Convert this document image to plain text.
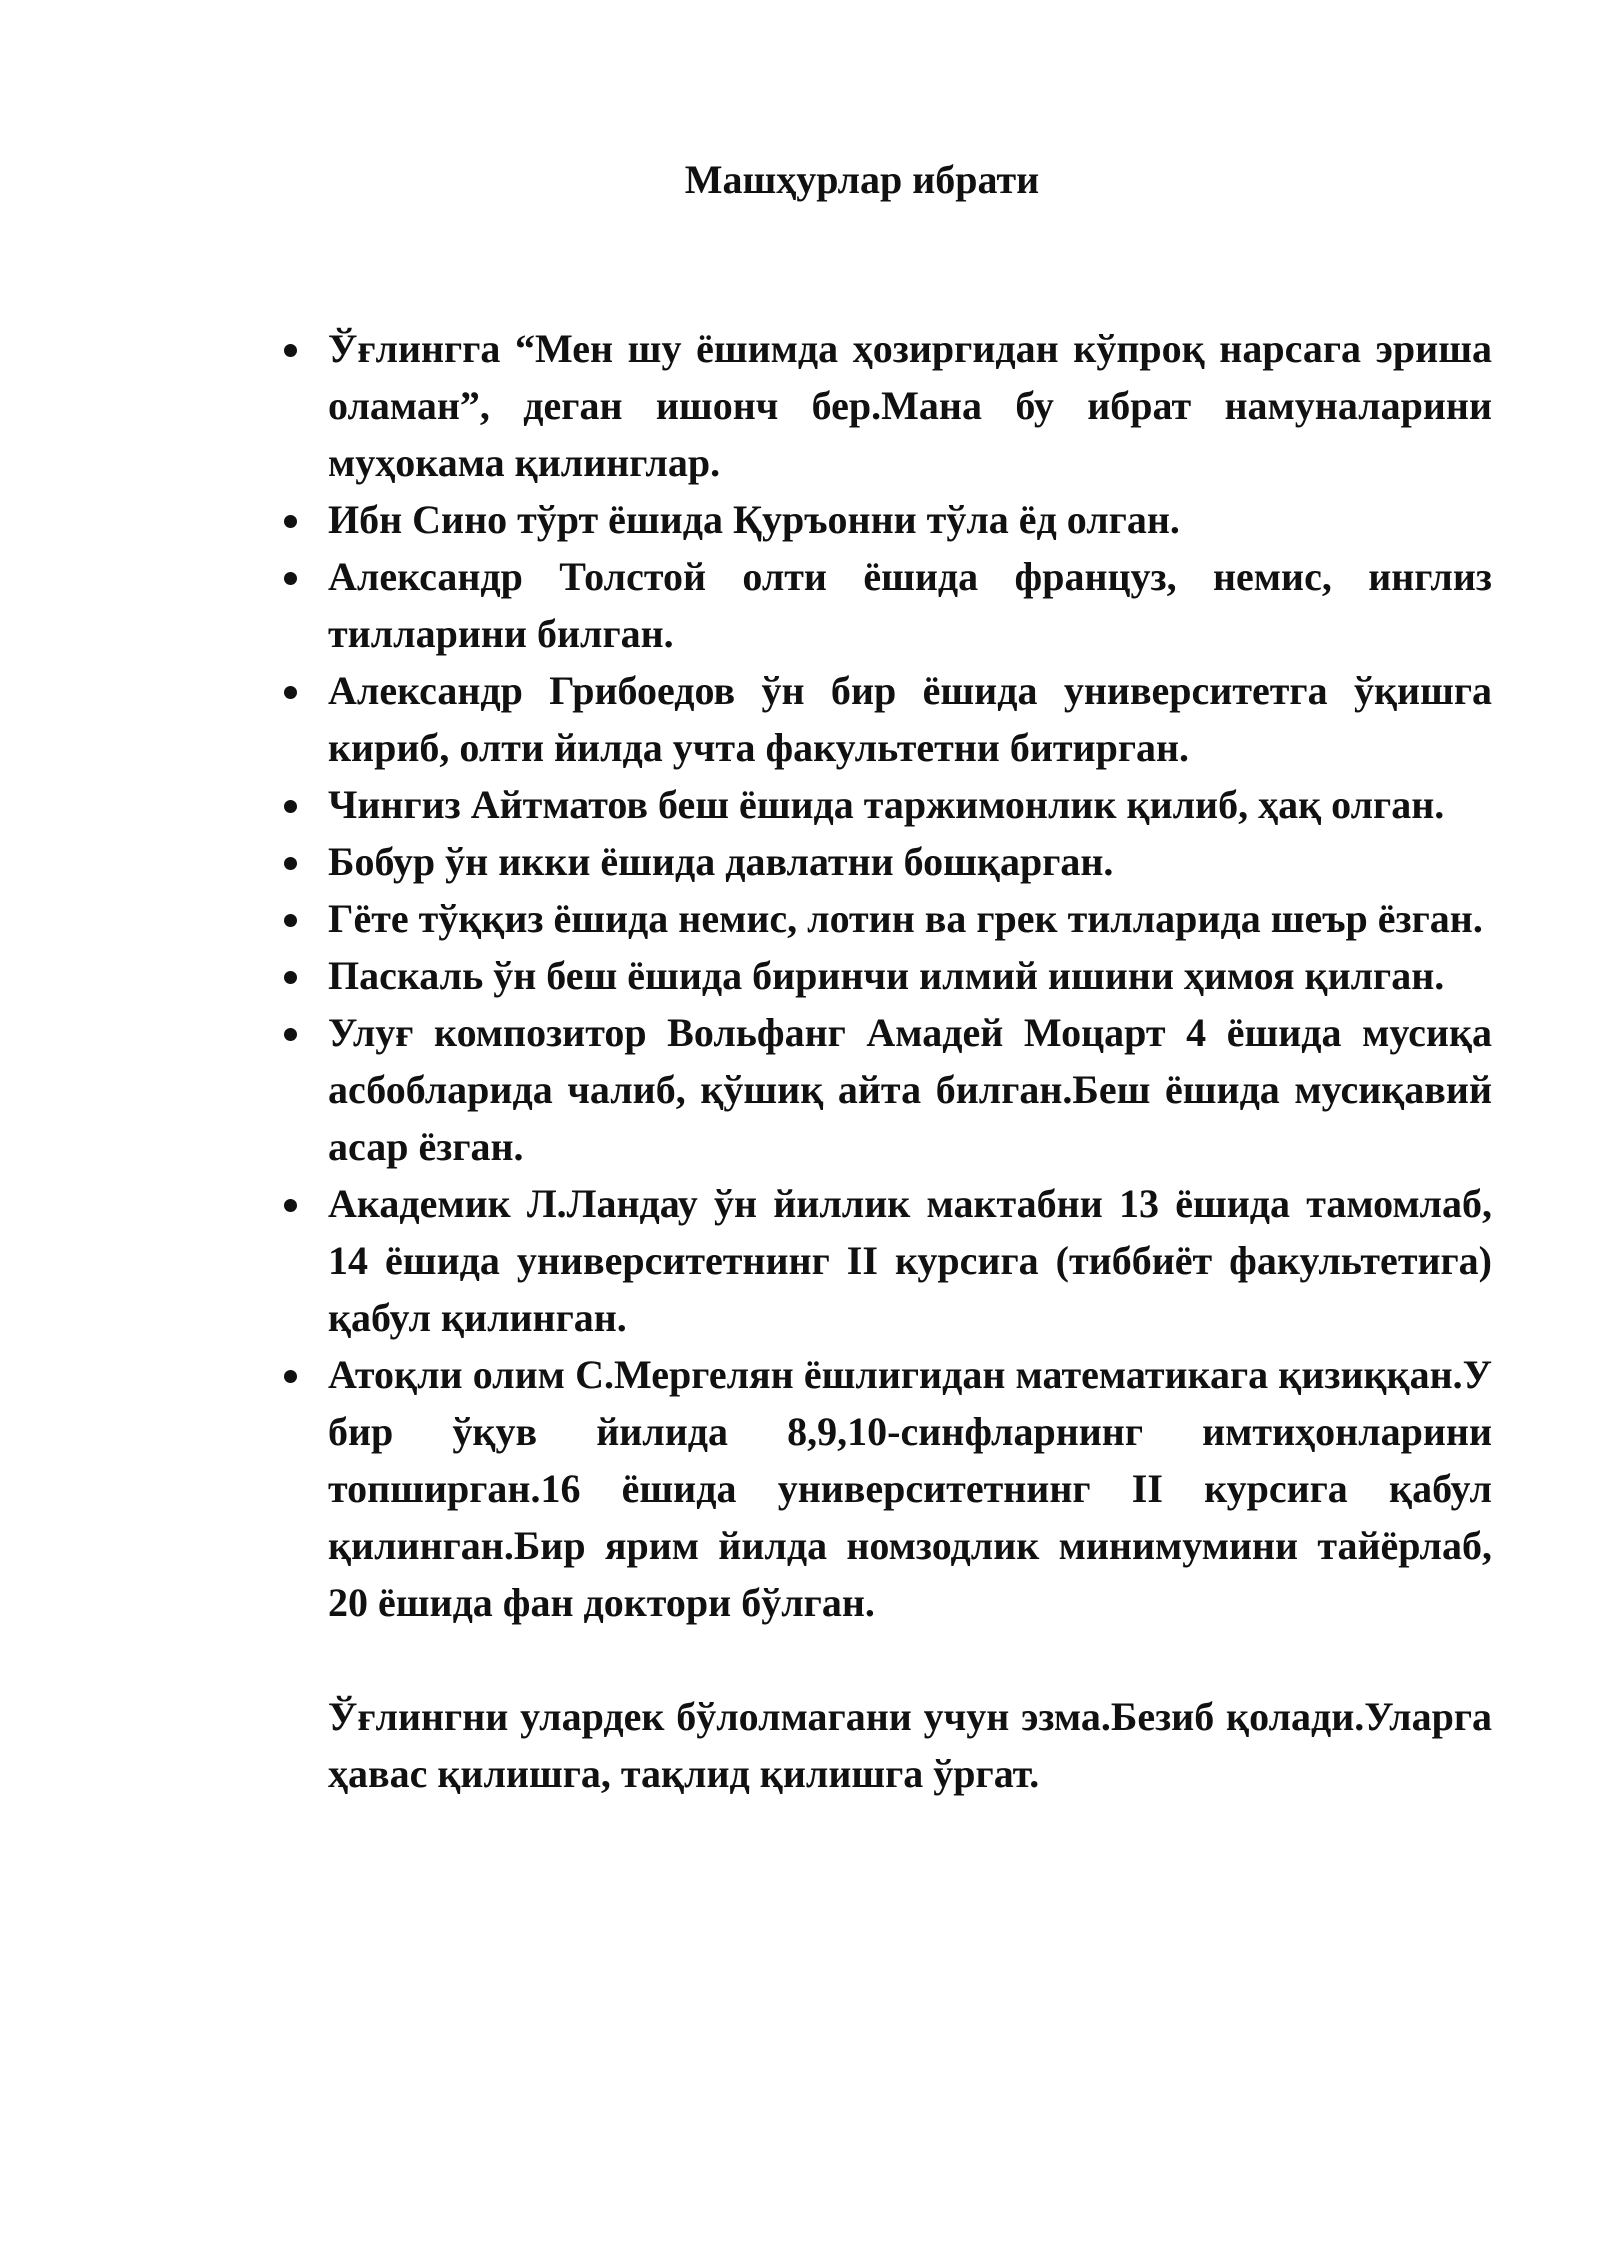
Машҳурлар ибрати
Ўғлингга “Мен шу ёшимда ҳозиргидан кўпроқ нарсага эриша оламан”, деган ишонч бер.Мана бу ибрат намуналарини муҳокама қилинглар.
Ибн Сино тўрт ёшида Қуръонни тўла ёд олган.
Александр Толстой олти ёшида француз, немис, инглиз тилларини билган.
Александр Грибоедов ўн бир ёшида университетга ўқишга кириб, олти йилда учта факультетни битирган.
Чингиз Айтматов беш ёшида таржимонлик қилиб, ҳақ олган.
Бобур ўн икки ёшида давлатни бошқарган.
Гёте тўққиз ёшида немис, лотин ва грек тилларида шеър ёзган.
Паскаль ўн беш ёшида биринчи илмий ишини ҳимоя қилган.
Улуғ композитор Вольфанг Амадей Моцарт 4 ёшида мусиқа асбобларида чалиб, қўшиқ айта билган.Беш ёшида мусиқавий асар ёзган.
Академик Л.Ландау ўн йиллик мактабни 13 ёшида тамомлаб, 14 ёшида университетнинг II курсига (тиббиёт факультетига) қабул қилинган.
Атоқли олим С.Мергелян ёшлигидан математикага қизиққан.У бир ўқув йилида 8,9,10-синфларнинг имтиҳонларини топширган.16 ёшида университетнинг II курсига қабул қилинган.Бир ярим йилда номзодлик минимумини тайёрлаб, 20 ёшида фан доктори бўлган.

Ўғлингни улардек бўлолмагани учун эзма.Безиб қолади.Уларга ҳавас қилишга, тақлид қилишга ўргат.
